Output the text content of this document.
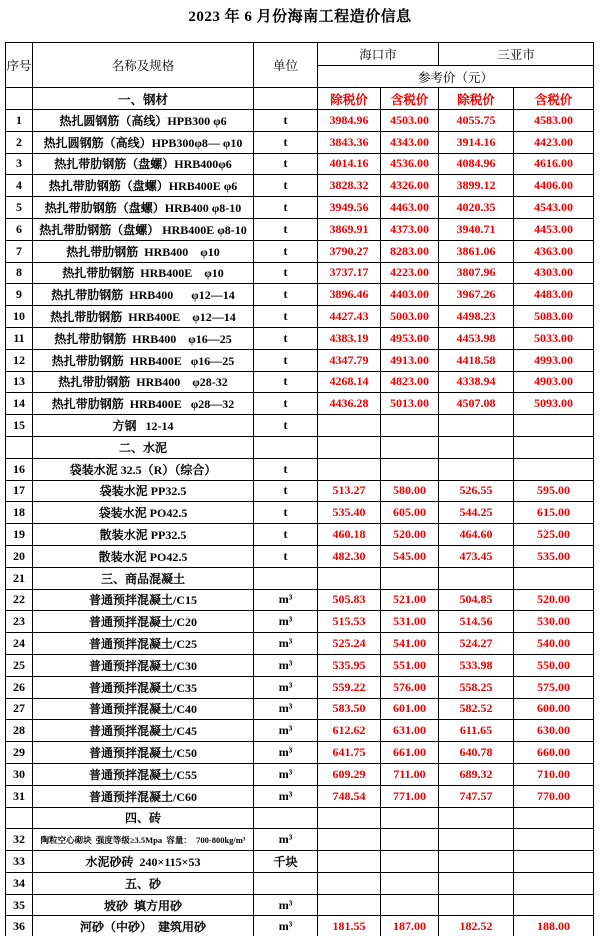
2023 年 6 月份海南工程造价信息
序号	名称及规格	单位	海口市		三亚市	
			参考价（元）			
	一、钢材		除税价	含税价	除税价	含税价
1	热扎圆钢筋（高线）HPB300 φ6	t	3984.96	4503.00	4055.75	4583.00
2	热扎圆钢筋（高线）HPB300φ8— φ10	t	3843.36	4343.00	3914.16	4423.00
3	热扎带肋钢筋（盘螺）HRB400φ6	t	4014.16	4536.00	4084.96	4616.00
4	热扎带肋钢筋（盘螺）HRB400E φ6	t	3828.32	4326.00	3899.12	4406.00
5	热扎带肋钢筋（盘螺）HRB400 φ8-10	t	3949.56	4463.00	4020.35	4543.00
6	热扎带肋钢筋（盘螺） HRB400E φ8-10	t	3869.91	4373.00	3940.71	4453.00
7	热扎带肋钢筋  HRB400    φ10	t	3790.27	8283.00	3861.06	4363.00
8	热扎带肋钢筋  HRB400E    φ10	t	3737.17	4223.00	3807.96	4303.00
9	热扎带肋钢筋  HRB400      φ12—14	t	3896.46	4403.00	3967.26	4483.00
10	热扎带肋钢筋  HRB400E    φ12—14	t	4427.43	5003.00	4498.23	5083.00
11	热扎带肋钢筋  HRB400    φ16—25	t	4383.19	4953.00	4453.98	5033.00
12	热扎带肋钢筋  HRB400E   φ16—25	t	4347.79	4913.00	4418.58	4993.00
13	热扎带肋钢筋  HRB400    φ28-32	t	4268.14	4823.00	4338.94	4903.00
14	热扎带肋钢筋  HRB400E   φ28—32	t	4436.28	5013.00	4507.08	5093.00
15	方钢   12-14	t				
	二、水泥					
16	袋装水泥 32.5（R）（综合）	t				
17	袋装水泥 PP32.5	t	513.27	580.00	526.55	595.00
18	袋装水泥 PO42.5	t	535.40	605.00	544.25	615.00
19	散装水泥 PP32.5	t	460.18	520.00	464.60	525.00
20	散装水泥 PO42.5	t	482.30	545.00	473.45	535.00
21	三、商品混凝土					
22	普通预拌混凝土/C15	m³	505.83	521.00	504.85	520.00
23	普通预拌混凝土/C20	m³	515.53	531.00	514.56	530.00
24	普通预拌混凝土/C25	m³	525.24	541.00	524.27	540.00
25	普通预拌混凝土/C30	m³	535.95	551.00	533.98	550.00
26	普通预拌混凝土/C35	m³	559.22	576.00	558.25	575.00
27	普通预拌混凝土/C40	m³	583.50	601.00	582.52	600.00
28	普通预拌混凝土/C45	m³	612.62	631.00	611.65	630.00
29	普通预拌混凝土/C50	m³	641.75	661.00	640.78	660.00
30	普通预拌混凝土/C55	m³	609.29	711.00	689.32	710.00
31	普通预拌混凝土/C60	m³	748.54	771.00	747.57	770.00
	四、砖					
32	陶粒空心砌块  强度等级≥3.5Mpa  容量：  700-800kg/m³	m³				
33	水泥砂砖  240×115×53	千块				
34	五、砂					
35	坡砂  填方用砂	m³				
36	河砂（中砂）  建筑用砂	m³	181.55	187.00	182.52	188.00
